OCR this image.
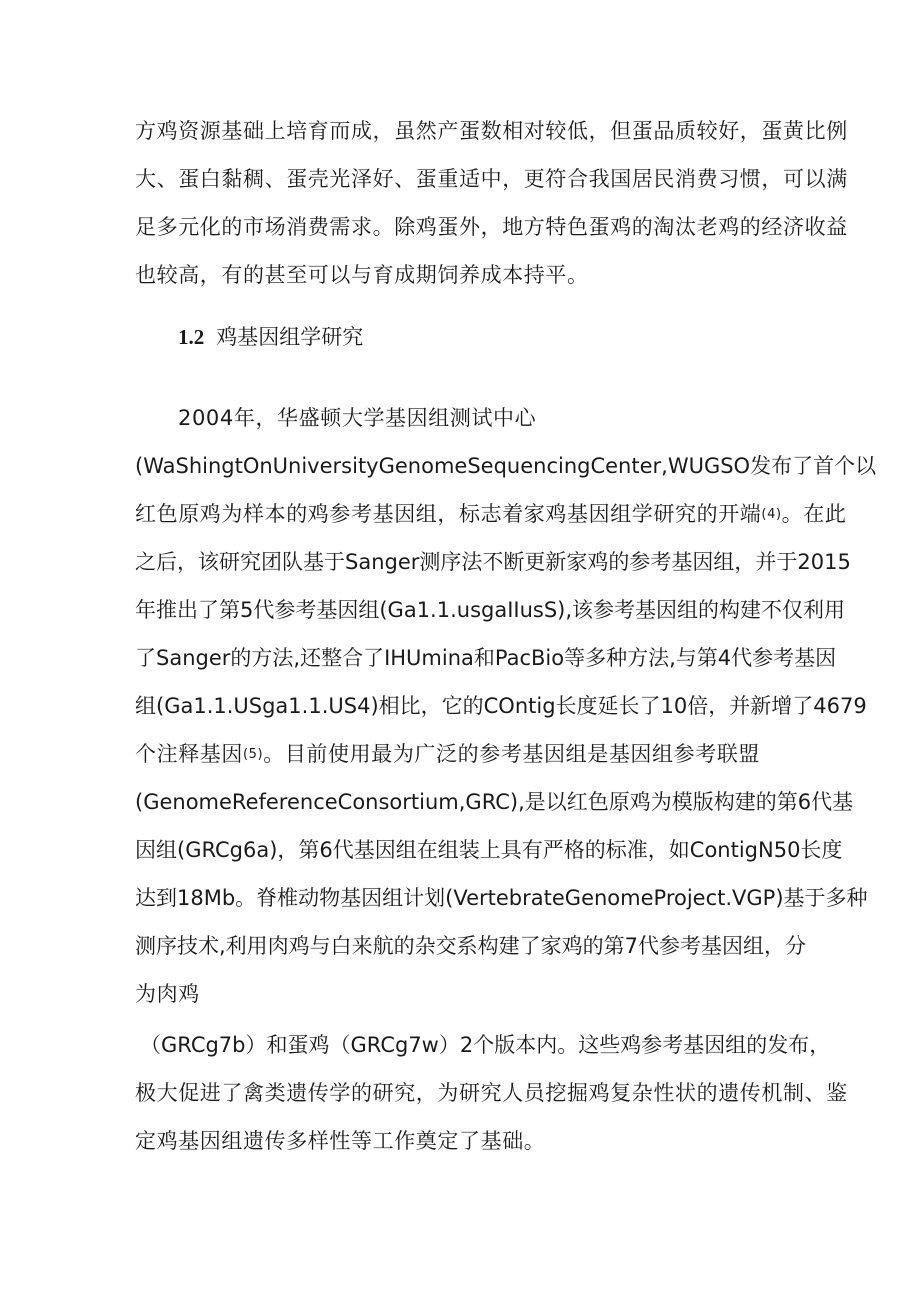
方鸡资源基础上培育而成，虽然产蛋数相对较低，但蛋品质较好，蛋黄比例
大、蛋白黏稠、蛋壳光泽好、蛋重适中，更符合我国居民消费习惯，可以满
足多元化的市场消费需求。除鸡蛋外，地方特色蛋鸡的淘汰老鸡的经济收益
也较高，有的甚至可以与育成期饲养成本持平。
1.2 鸡基因组学研究
2004年，华盛顿大学基因组测试中心
(WaShingtOnUniversityGenomeSequencingCenter,WUGSO发布了首个以
红色原鸡为样本的鸡参考基因组，标志着家鸡基因组学研究的开端$^{(4)}$。在此
之后，该研究团队基于Sanger测序法不断更新家鸡的参考基因组，并于2015
年推出了第5代参考基因组(Ga1.1.usgaIIusS),该参考基因组的构建不仅利用
了Sanger的方法,还整合了IHUmina和PacBio等多种方法,与第4代参考基因
组(Ga1.1.USga1.1.US4)相比，它的COntig长度延长了10倍，并新增了4679
个注释基因$^{(5)}$。目前使用最为广泛的参考基因组是基因组参考联盟
(GenomeReferenceConsortium,GRC),是以红色原鸡为模版构建的第6代基
因组(GRCg6a)，第6代基因组在组装上具有严格的标准，如ContigN50长度
达到18Mb。脊椎动物基因组计划(VertebrateGenomeProject.VGP)基于多种
测序技术,利用肉鸡与白来航的杂交系构建了家鸡的第7代参考基因组，分
为肉鸡
（GRCg7b）和蛋鸡（GRCg7w）2个版本内。这些鸡参考基因组的发布，
极大促进了禽类遗传学的研究，为研究人员挖掘鸡复杂性状的遗传机制、鉴
定鸡基因组遗传多样性等工作奠定了基础。
